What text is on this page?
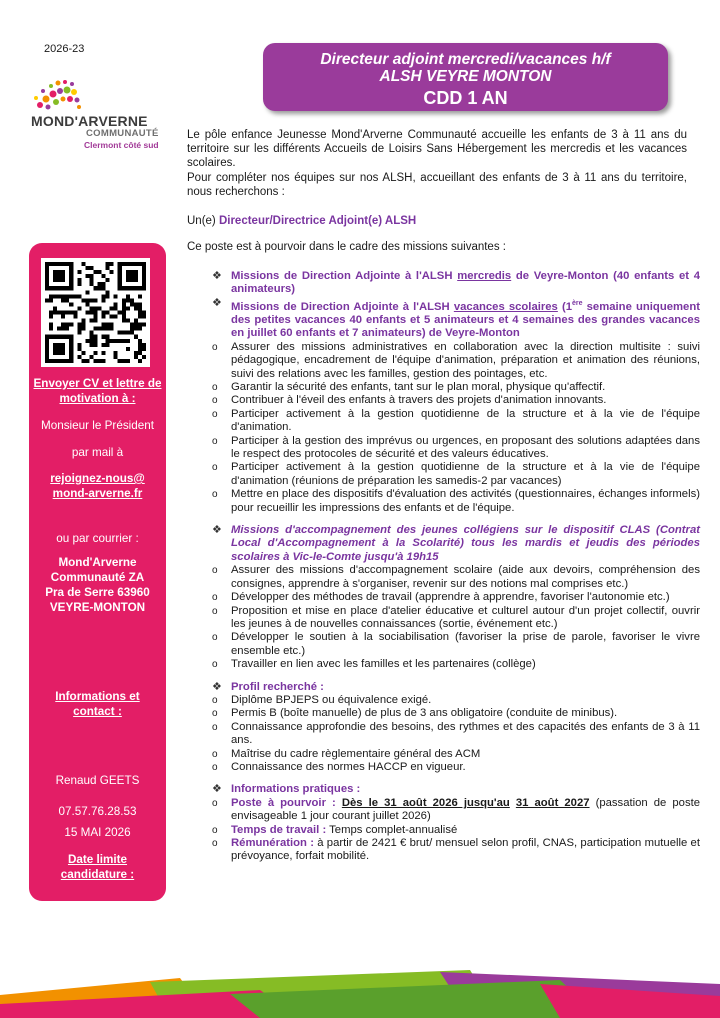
2026-23
MOND'ARVERNE
COMMUNAUTÉ
Clermont côté sud
Directeur adjoint mercredi/vacances h/f
ALSH VEYRE MONTON
CDD 1 AN

Le pôle enfance Jeunesse Mond'Arverne Communauté accueille les enfants de 3 à 11 ans du territoire sur les différents Accueils de Loisirs Sans Hébergement les mercredis et les vacances scolaires.

Pour compléter nos équipes sur nos ALSH, accueillant des enfants de 3 à 11 ans du territoire, nous recherchons :

Un(e) Directeur/Directrice Adjoint(e) ALSH
Ce poste est à pourvoir dans le cadre des missions suivantes :
Envoyer CV et lettre de motivation à :
Monsieur le Président
par mail à
rejoignez-nous@mond-arverne.fr
ou par courrier :
Mond'Arverne Communauté ZA Pra de Serre 63960 VEYRE-MONTON
Informations et contact :
Renaud GEETS
07.57.76.28.53
15 MAI 2026
Date limite candidature :
❖ Missions de Direction Adjointe à l'ALSH mercredis de Veyre-Monton (40 enfants et 4 animateurs)
❖ Missions de Direction Adjointe à l'ALSH vacances scolaires (1ère semaine uniquement des petites vacances 40 enfants et 5 animateurs et 4 semaines des grandes vacances en juillet 60 enfants et 7 animateurs) de Veyre-Monton
o Assurer des missions administratives en collaboration avec la direction multisite : suivi pédagogique, encadrement de l'équipe d'animation, préparation et animation des réunions, suivi des relations avec les familles, gestion des pointages, etc.
o Garantir la sécurité des enfants, tant sur le plan moral, physique qu'affectif.
o Contribuer à l'éveil des enfants à travers des projets d'animation innovants.
o Participer activement à la gestion quotidienne de la structure et à la vie de l'équipe d'animation.
o Participer à la gestion des imprévus ou urgences, en proposant des solutions adaptées dans le respect des protocoles de sécurité et des valeurs éducatives.
o Participer activement à la gestion quotidienne de la structure et à la vie de l'équipe d'animation (réunions de préparation les samedis-2 par vacances)
o Mettre en place des dispositifs d'évaluation des activités (questionnaires, échanges informels) pour recueillir les impressions des enfants et de l'équipe.
❖ Missions d'accompagnement des jeunes collégiens sur le dispositif CLAS (Contrat Local d'Accompagnement à la Scolarité) tous les mardis et jeudis des périodes scolaires à Vic-le-Comte jusqu'à 19h15
o Assurer des missions d'accompagnement scolaire (aide aux devoirs, compréhension des consignes, apprendre à s'organiser, revenir sur des notions mal comprises etc.)
o Développer des méthodes de travail (apprendre à apprendre, favoriser l'autonomie etc.)
o Proposition et mise en place d'atelier éducative et culturel autour d'un projet collectif, ouvrir les jeunes à de nouvelles connaissances (sortie, événement etc.)
o Développer le soutien à la sociabilisation (favoriser la prise de parole, favoriser le vivre ensemble etc.)
o Travailler en lien avec les familles et les partenaires (collège)
❖ Profil recherché :
o Diplôme BPJEPS ou équivalence exigé.
o Permis B (boîte manuelle) de plus de 3 ans obligatoire (conduite de minibus).
o Connaissance approfondie des besoins, des rythmes et des capacités des enfants de 3 à 11 ans.
o Maîtrise du cadre règlementaire général des ACM
o Connaissance des normes HACCP en vigueur.
❖ Informations pratiques :
o Poste à pourvoir : Dès le 31 août 2026 jusqu'au 31 août 2027 (passation de poste envisageable 1 jour courant juillet 2026)
o Temps de travail : Temps complet-annualisé
o Rémunération : à partir de 2421 € brut/ mensuel selon profil, CNAS, participation mutuelle et prévoyance, forfait mobilité.
